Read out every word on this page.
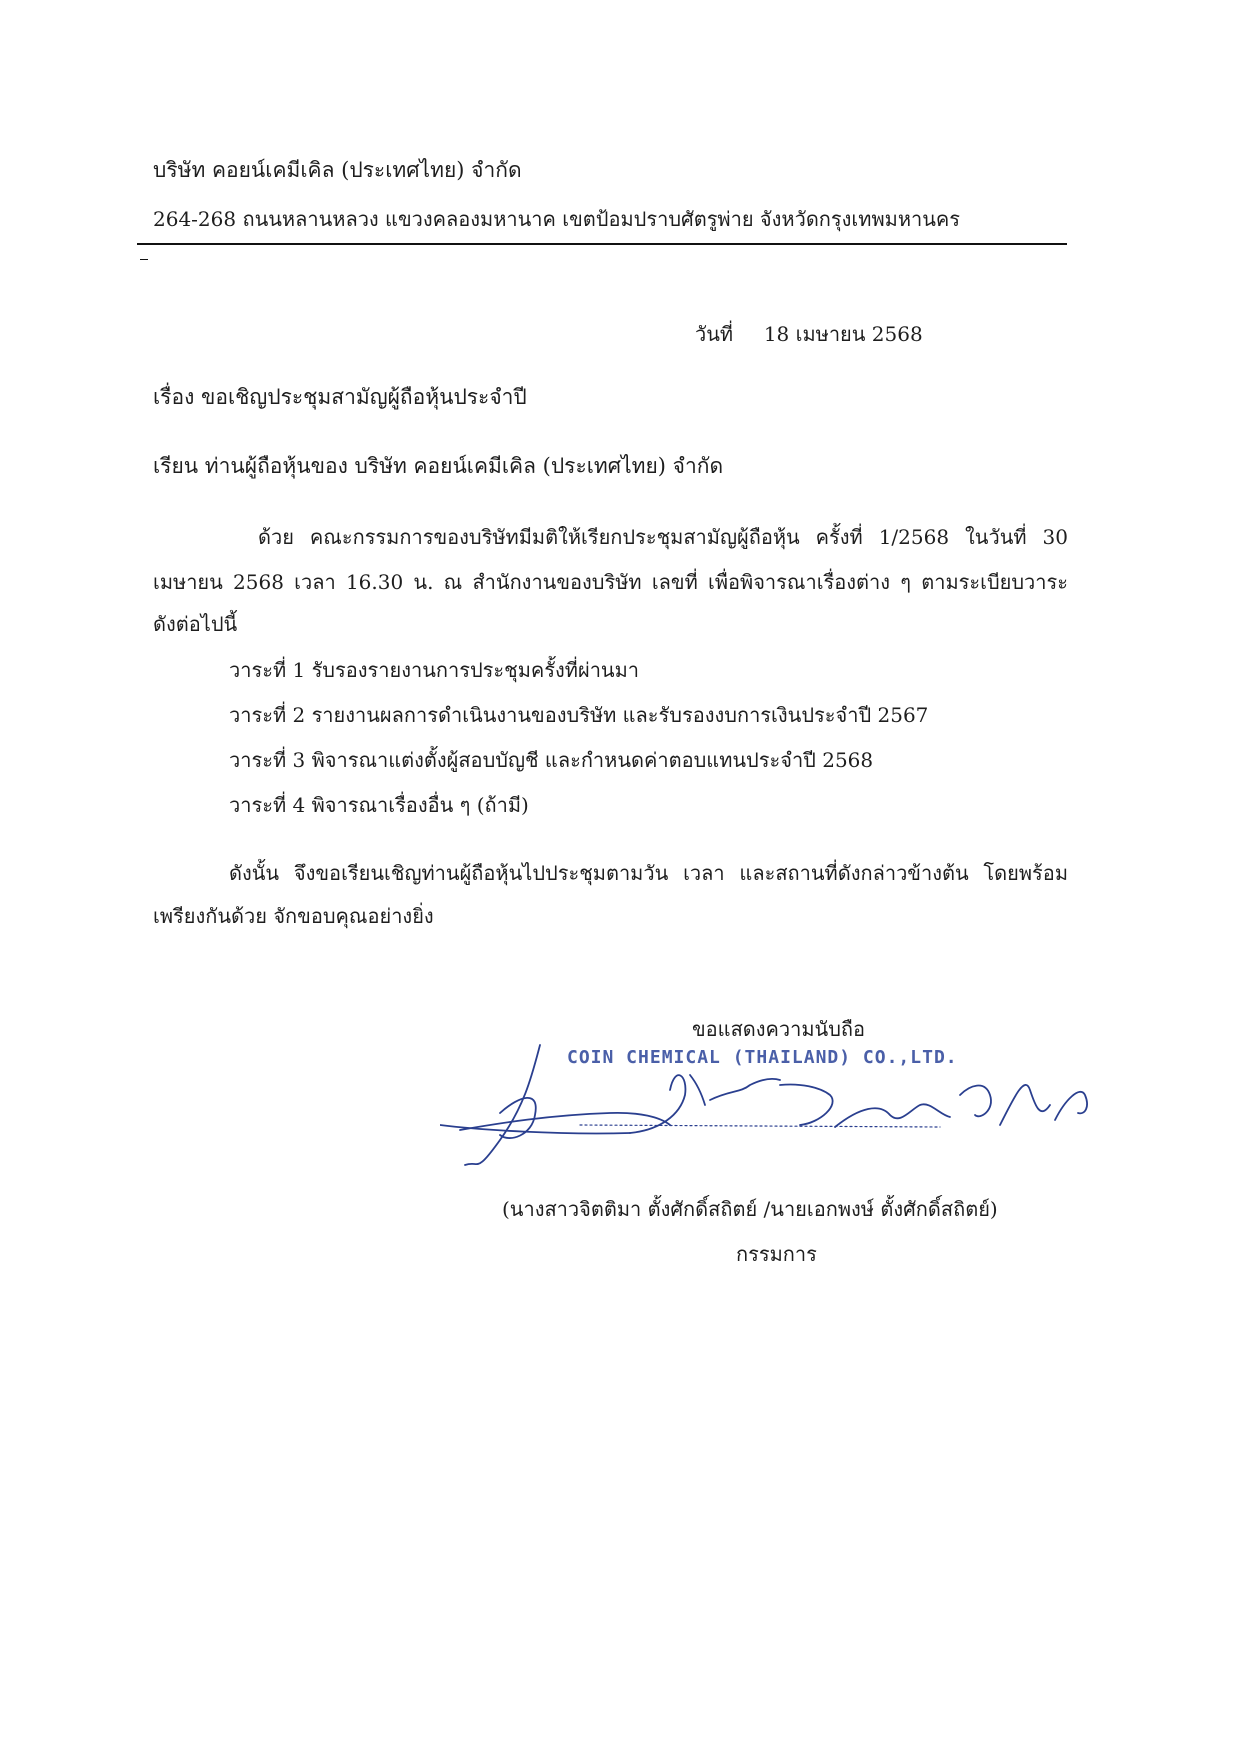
บริษัท คอยน์เคมีเคิล (ประเทศไทย) จำกัด
264-268 ถนนหลานหลวง แขวงคลองมหานาค เขตป้อมปราบศัตรูพ่าย จังหวัดกรุงเทพมหานคร
วันที่ 18 เมษายน 2568
เรื่อง ขอเชิญประชุมสามัญผู้ถือหุ้นประจำปี
เรียน ท่านผู้ถือหุ้นของ บริษัท คอยน์เคมีเคิล (ประเทศไทย) จำกัด
ด้วย คณะกรรมการของบริษัทมีมติให้เรียกประชุมสามัญผู้ถือหุ้น ครั้งที่ 1/2568 ในวันที่ 30
เมษายน 2568 เวลา 16.30 น. ณ สำนักงานของบริษัท เลขที่ เพื่อพิจารณาเรื่องต่าง ๆ ตามระเบียบวาระ
ดังต่อไปนี้
วาระที่ 1 รับรองรายงานการประชุมครั้งที่ผ่านมา
วาระที่ 2 รายงานผลการดำเนินงานของบริษัท และรับรองงบการเงินประจำปี 2567
วาระที่ 3 พิจารณาแต่งตั้งผู้สอบบัญชี และกำหนดค่าตอบแทนประจำปี 2568
วาระที่ 4 พิจารณาเรื่องอื่น ๆ (ถ้ามี)
ดังนั้น จึงขอเรียนเชิญท่านผู้ถือหุ้นไปประชุมตามวัน เวลา และสถานที่ดังกล่าวข้างต้น โดยพร้อม
เพรียงกันด้วย จักขอบคุณอย่างยิ่ง
ขอแสดงความนับถือ
COIN CHEMICAL (THAILAND) CO.,LTD.
(นางสาวจิตติมา ตั้งศักดิ์สถิตย์ /นายเอกพงษ์ ตั้งศักดิ์สถิตย์)
กรรมการ
